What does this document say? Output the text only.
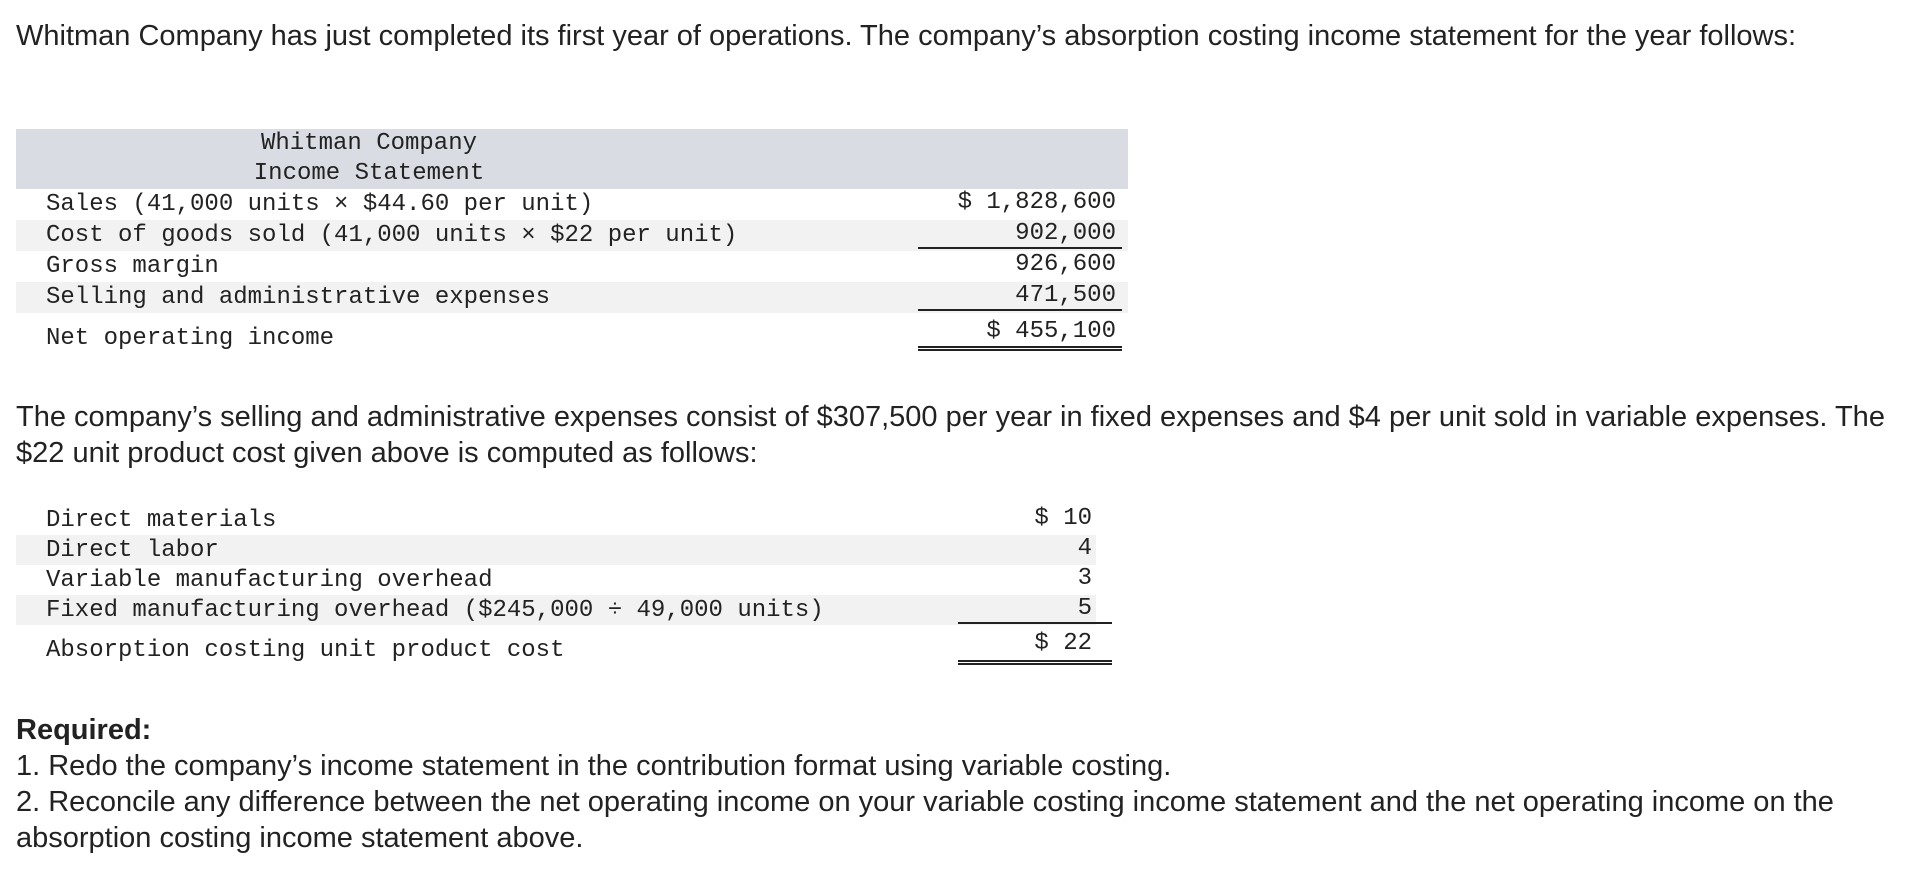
Whitman Company has just completed its first year of operations. The company’s absorption costing income statement for the year follows:

Whitman Company
Income Statement
Sales (41,000 units × $44.60 per unit)	$ 1,828,600
Cost of goods sold (41,000 units × $22 per unit)	902,000
Gross margin	926,600
Selling and administrative expenses	471,500
Net operating income	$ 455,100

The company’s selling and administrative expenses consist of $307,500 per year in fixed expenses and $4 per unit sold in variable expenses. The $22 unit product cost given above is computed as follows:

Direct materials	$ 10
Direct labor	4
Variable manufacturing overhead	3
Fixed manufacturing overhead ($245,000 ÷ 49,000 units)	5
Absorption costing unit product cost	$ 22
Required:
1. Redo the company’s income statement in the contribution format using variable costing.
2. Reconcile any difference between the net operating income on your variable costing income statement and the net operating income on the absorption costing income statement above.
